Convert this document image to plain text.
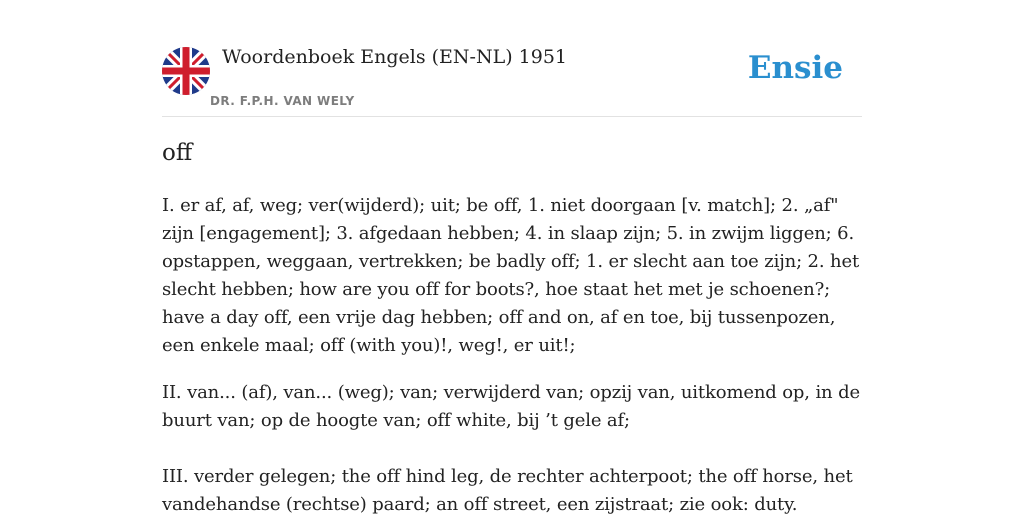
Woordenboek Engels (EN-NL) 1951
DR. F.P.H. VAN WELY
Ensie
off

I. er af, af, weg; ver(wijderd); uit; be off, 1. niet doorgaan [v. match]; 2. „af" zijn [engagement]; 3. afgedaan hebben; 4. in slaap zijn; 5. in zwijm liggen; 6. opstappen, weggaan, vertrekken; be badly off; 1. er slecht aan toe zijn; 2. het slecht hebben; how are you off for boots?, hoe staat het met je schoenen?; have a day off, een vrije dag hebben; off and on, af en toe, bij tussenpozen, een enkele maal; off (with you)!, weg!, er uit!;

II. van... (af), van... (weg); van; verwijderd van; opzij van, uitkomend op, in de buurt van; op de hoogte van; off white, bij ’t gele af;

III. verder gelegen; the off hind leg, de rechter achterpoot; the off horse, het vandehandse (rechtse) paard; an off street, een zijstraat; zie ook: duty.
